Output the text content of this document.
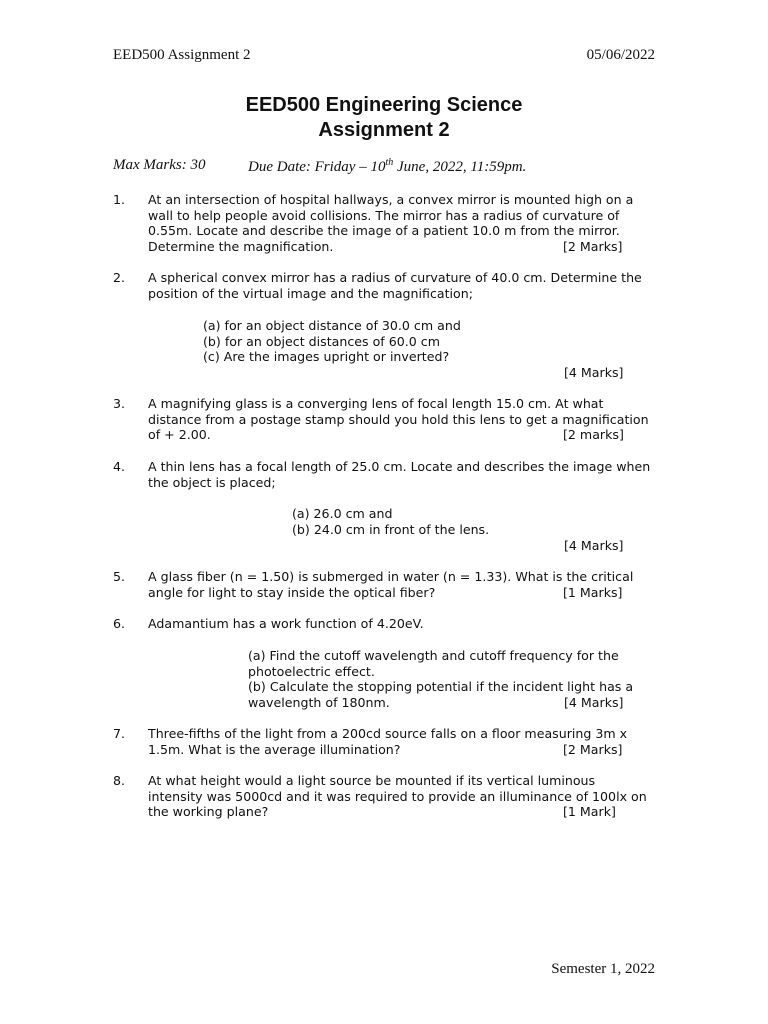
EED500 Assignment 2	05/06/2022
EED500 Engineering Science
Assignment 2
Max Marks: 30	Due Date: Friday – 10th June, 2022, 11:59pm.
1. At an intersection of hospital hallways, a convex mirror is mounted high on a
wall to help people avoid collisions. The mirror has a radius of curvature of
0.55m. Locate and describe the image of a patient 10.0 m from the mirror.
Determine the magnification.	[2 Marks]
2. A spherical convex mirror has a radius of curvature of 40.0 cm. Determine the
position of the virtual image and the magnification;
(a) for an object distance of 30.0 cm and
(b) for an object distances of 60.0 cm
(c) Are the images upright or inverted?
[4 Marks]
3. A magnifying glass is a converging lens of focal length 15.0 cm. At what
distance from a postage stamp should you hold this lens to get a magnification
of + 2.00.	[2 marks]
4. A thin lens has a focal length of 25.0 cm. Locate and describes the image when
the object is placed;
(a) 26.0 cm and
(b) 24.0 cm in front of the lens.
[4 Marks]
5. A glass fiber (n = 1.50) is submerged in water (n = 1.33). What is the critical
angle for light to stay inside the optical fiber?	[1 Marks]
6. Adamantium has a work function of 4.20eV.
(a) Find the cutoff wavelength and cutoff frequency for the
photoelectric effect.
(b) Calculate the stopping potential if the incident light has a
wavelength of 180nm.	[4 Marks]
7. Three-fifths of the light from a 200cd source falls on a floor measuring 3m x
1.5m. What is the average illumination?	[2 Marks]
8. At what height would a light source be mounted if its vertical luminous
intensity was 5000cd and it was required to provide an illuminance of 100lx on
the working plane?	[1 Mark]
Semester 1, 2022
